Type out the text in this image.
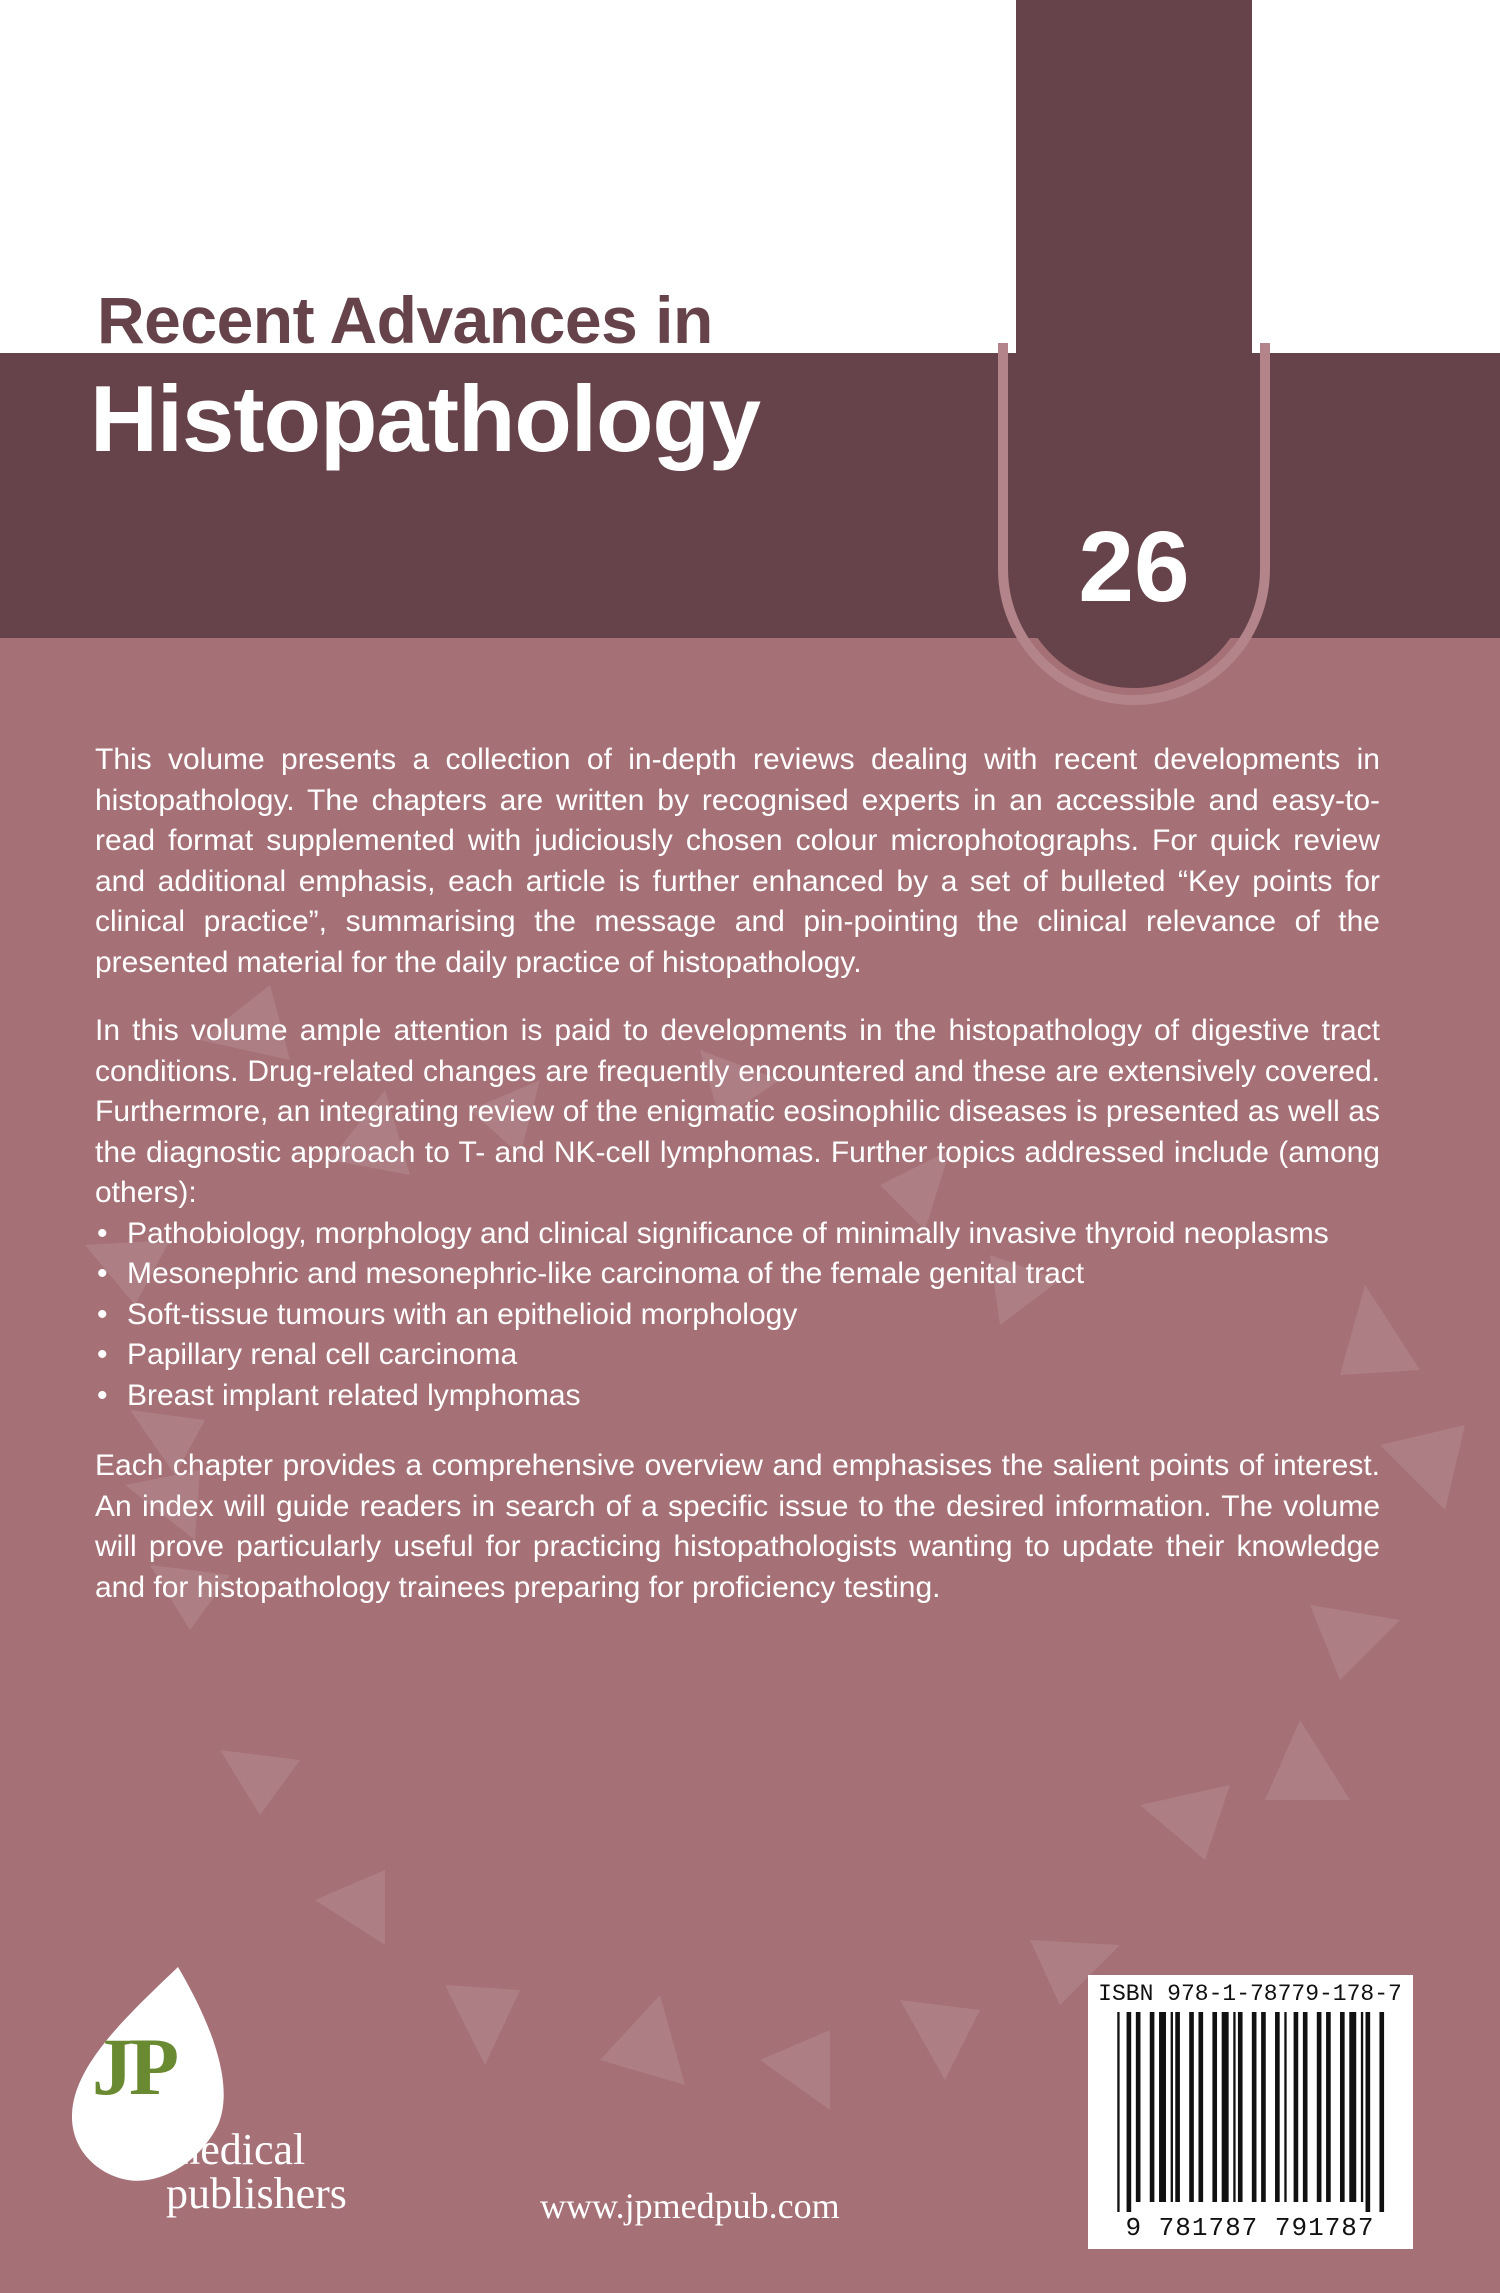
Recent Advances in
Histopathology
26

This volume presents a collection of in-depth reviews dealing with recent developments in histopathology. The chapters are written by recognised experts in an accessible and easy-to-read format supplemented with judiciously chosen colour microphotographs. For quick review and additional emphasis, each article is further enhanced by a set of bulleted “Key points for clinical practice”, summarising the message and pin-pointing the clinical relevance of the presented material for the daily practice of histopathology.

In this volume ample attention is paid to developments in the histopathology of digestive tract conditions. Drug-related changes are frequently encountered and these are extensively covered. Furthermore, an integrating review of the enigmatic eosinophilic diseases is presented as well as the diagnostic approach to T- and NK-cell lymphomas. Further topics addressed include (among others):

• Pathobiology, morphology and clinical significance of minimally invasive thyroid neoplasms
• Mesonephric and mesonephric-like carcinoma of the female genital tract
• Soft-tissue tumours with an epithelioid morphology
• Papillary renal cell carcinoma
• Breast implant related lymphomas

Each chapter provides a comprehensive overview and emphasises the salient points of interest. An index will guide readers in search of a specific issue to the desired information. The volume will prove particularly useful for practicing histopathologists wanting to update their knowledge and for histopathology trainees preparing for proficiency testing.

JP
medical
publishers	www.jpmedpub.com
ISBN 978-1-78779-178-7
9 781787 791787
